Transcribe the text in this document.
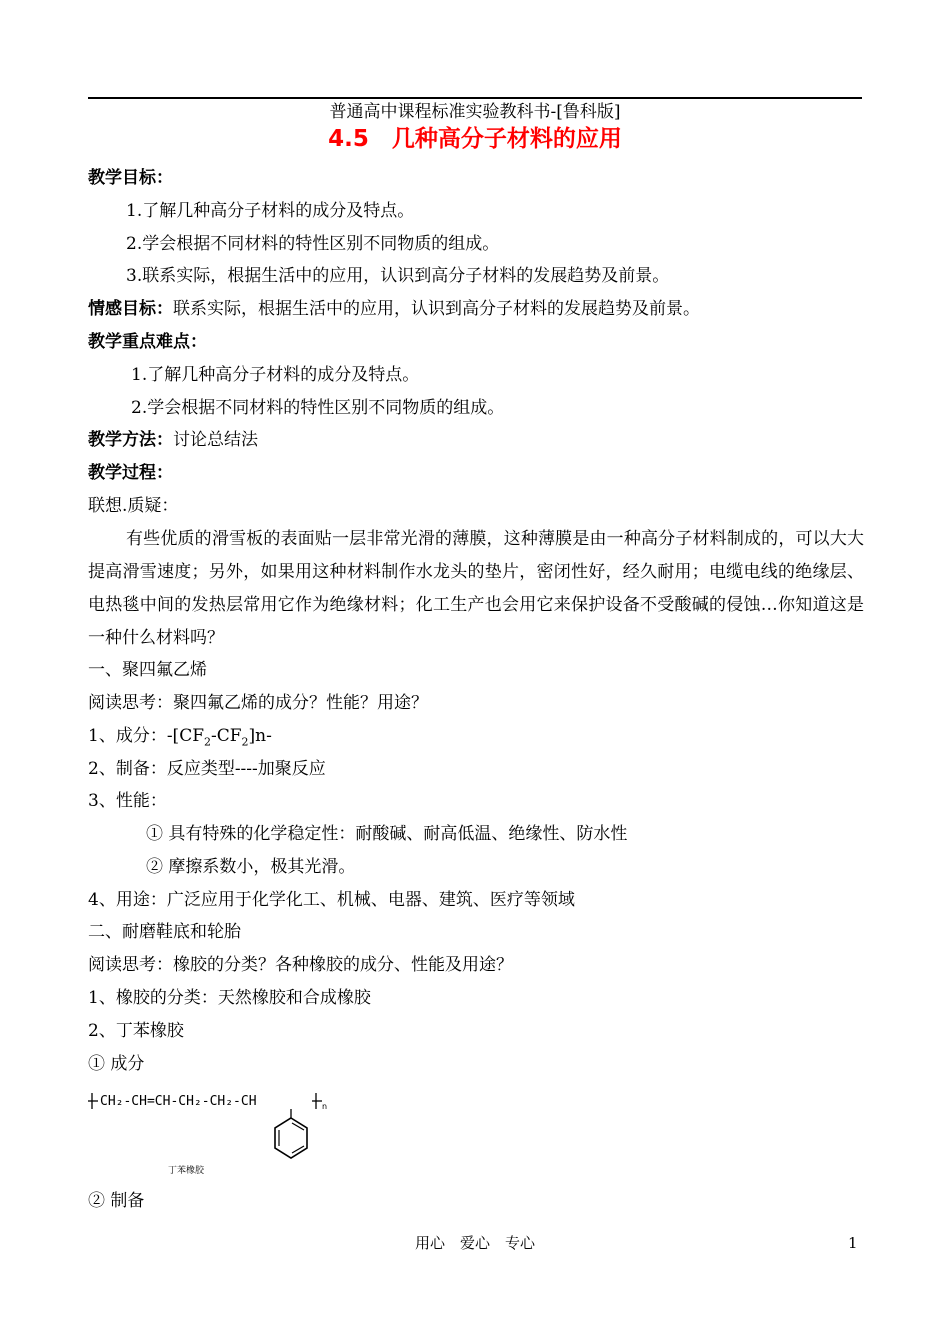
普通高中课程标准实验教科书-[鲁科版]
4.5　几种高分子材料的应用
教学目标：
1.了解几种高分子材料的成分及特点。
2.学会根据不同材料的特性区别不同物质的组成。
3.联系实际，根据生活中的应用，认识到高分子材料的发展趋势及前景。
情感目标：联系实际，根据生活中的应用，认识到高分子材料的发展趋势及前景。
教学重点难点：
1.了解几种高分子材料的成分及特点。
2.学会根据不同材料的特性区别不同物质的组成。
教学方法：讨论总结法
教学过程：
联想.质疑：
有些优质的滑雪板的表面贴一层非常光滑的薄膜，这种薄膜是由一种高分子材料制成的，可以大大提高滑雪速度；另外，如果用这种材料制作水龙头的垫片，密闭性好，经久耐用；电缆电线的绝缘层、电热毯中间的发热层常用它作为绝缘材料；化工生产也会用它来保护设备不受酸碱的侵蚀…你知道这是一种什么材料吗？
一、聚四氟乙烯
阅读思考：聚四氟乙烯的成分？性能？用途？
1、成分：$-[CF_2-CF_2]n-$
2、制备：反应类型----加聚反应
3、性能：
① 具有特殊的化学稳定性：耐酸碱、耐高低温、绝缘性、防水性
② 摩擦系数小，极其光滑。
4、用途：广泛应用于化学化工、机械、电器、建筑、医疗等领域
二、耐磨鞋底和轮胎
阅读思考：橡胶的分类？各种橡胶的成分、性能及用途？
1、橡胶的分类：天然橡胶和合成橡胶
2、丁苯橡胶
① 成分
CH₂-CH=CH-CH₂-CH₂-CH	n
丁苯橡胶
② 制备
用心　爱心　专心	1
